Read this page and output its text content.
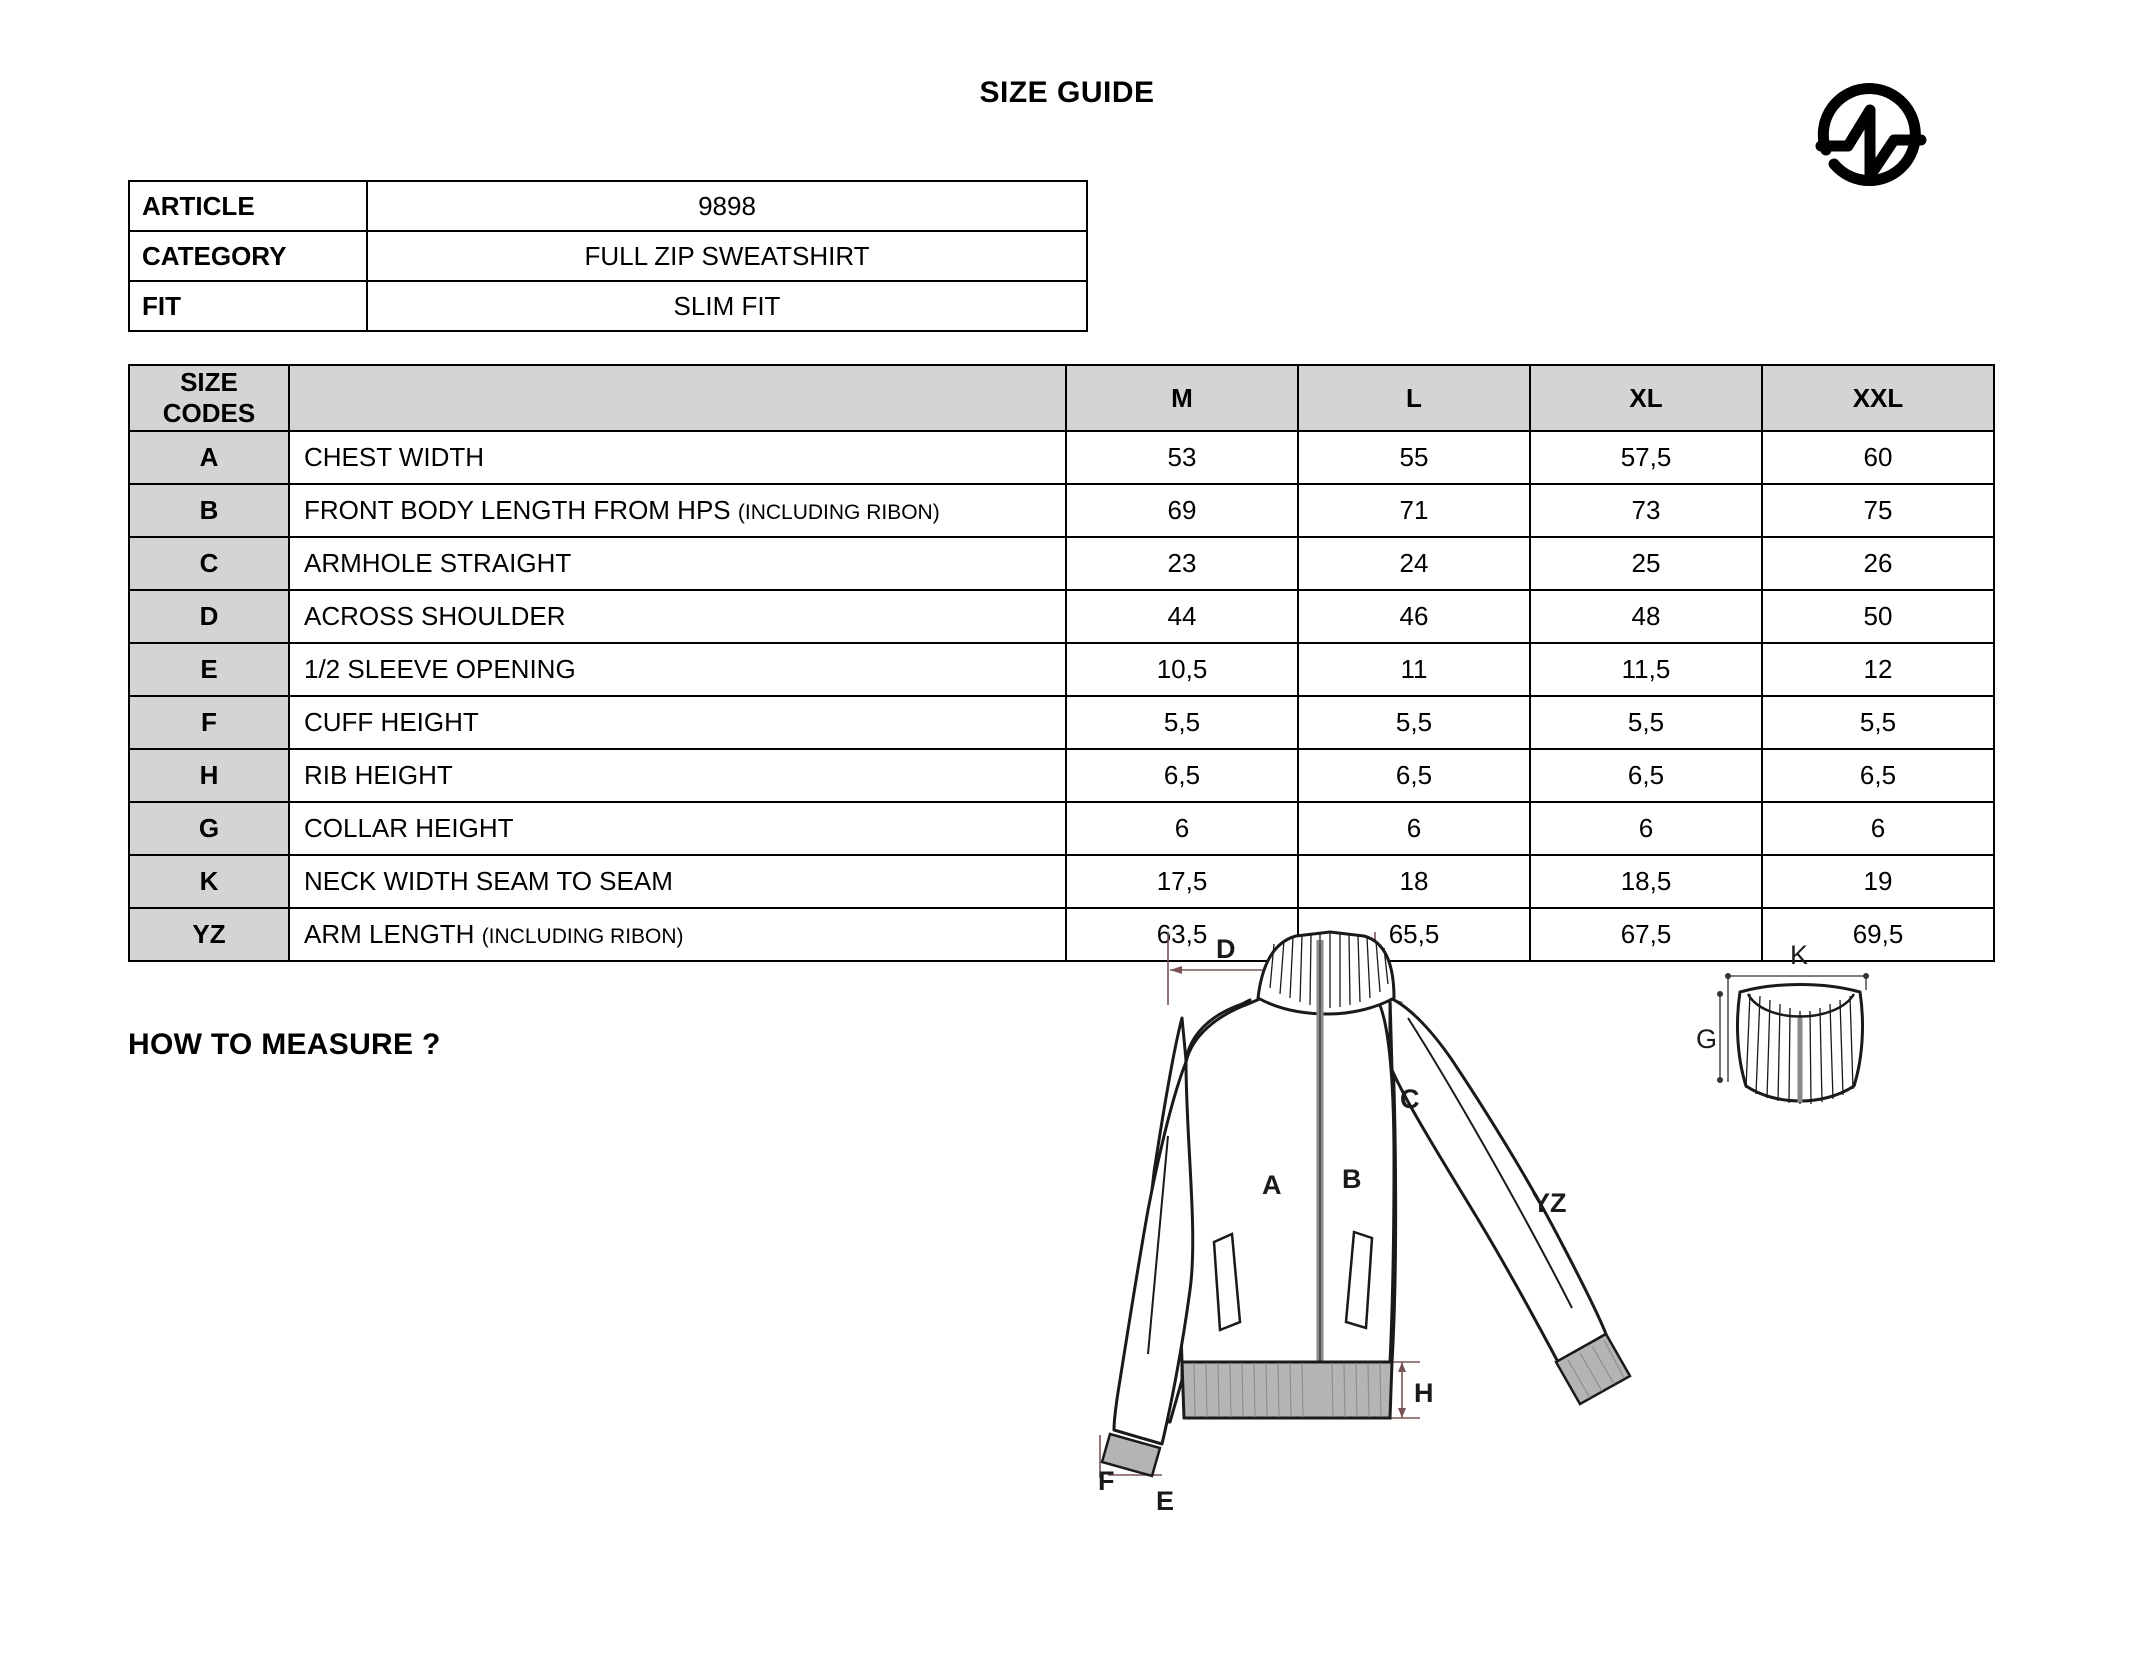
SIZE GUIDE
ARTICLE	9898
CATEGORY	FULL ZIP SWEATSHIRT
FIT	SLIM FIT
SIZE CODES		M	L	XL	XXL
A	CHEST WIDTH	53	55	57,5	60
B	FRONT BODY LENGTH FROM HPS (INCLUDING RIBON)	69	71	73	75
C	ARMHOLE STRAIGHT	23	24	25	26
D	ACROSS SHOULDER	44	46	48	50
E	1/2 SLEEVE OPENING	10,5	11	11,5	12
F	CUFF HEIGHT	5,5	5,5	5,5	5,5
H	RIB HEIGHT	6,5	6,5	6,5	6,5
G	COLLAR HEIGHT	6	6	6	6
K	NECK WIDTH SEAM TO SEAM	17,5	18	18,5	19
YZ	ARM LENGTH (INCLUDING RIBON)	63,5	65,5	67,5	69,5
HOW TO MEASURE ?
D
B
C
A
YZ
H
E
F
K
G
